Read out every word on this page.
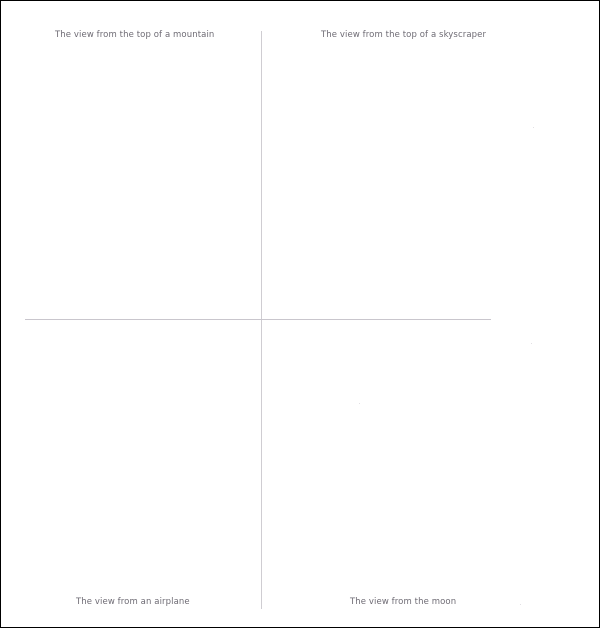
The view from the top of a mountain	The view from the top of a skyscraper
The view from an airplane	The view from the moon
